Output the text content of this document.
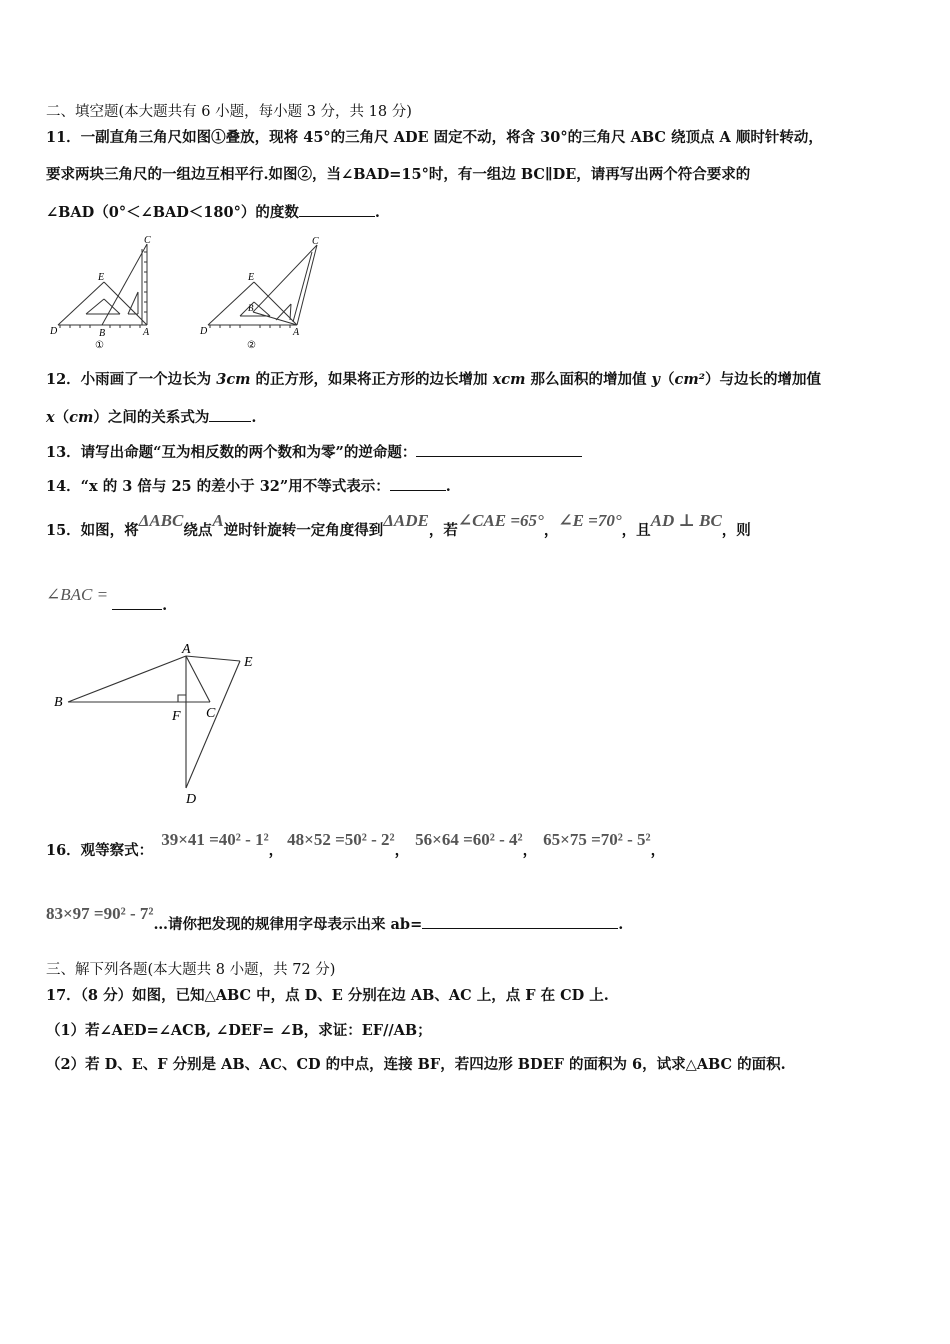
二、填空题(本大题共有 6 小题，每小题 3 分，共 18 分)
11．一副直角三角尺如图①叠放，现将 45°的三角尺 ADE 固定不动，将含 30°的三角尺 ABC 绕顶点 A 顺时针转动，
要求两块三角尺的一组边互相平行.如图②，当∠BAD=15°时，有一组边 BC∥DE，请再写出两个符合要求的
∠BAD（0°＜∠BAD＜180°）的度数	.
D	B	A
E
C
①
D
B
A
E
C
②
12．小雨画了一个边长为 3cm 的正方形，如果将正方形的边长增加 xcm 那么面积的增加值 y（cm²）与边长的增加值
x（cm）之间的关系式为	.
13．请写出命题“互为相反数的两个数和为零”的逆命题：
14．“x 的 3 倍与 25 的差小于 32”用不等式表示：	.
15．如图，将ΔABC绕点A逆时针旋转一定角度得到ΔADE，若∠CAE =65°，∠E =70°，且AD ⊥ BC，则
∠BAC =.
A
B
C
D
E
F
16．观等察式：39×41 =40² - 1²，48×52 =50² - 2²，56×64 =60² - 4²，65×75 =70² - 5²，
83×97 =90² - 7²…请你把发现的规律用字母表示出来 ab=	.
三、解下列各题(本大题共 8 小题，共 72 分)
17．（8 分）如图，已知△ABC 中，点 D、E 分别在边 AB、AC 上，点 F 在 CD 上.
（1）若∠AED=∠ACB, ∠DEF= ∠B，求证：EF//AB；
（2）若 D、E、F 分别是 AB、AC、CD 的中点，连接 BF，若四边形 BDEF 的面积为 6，试求△ABC 的面积.
